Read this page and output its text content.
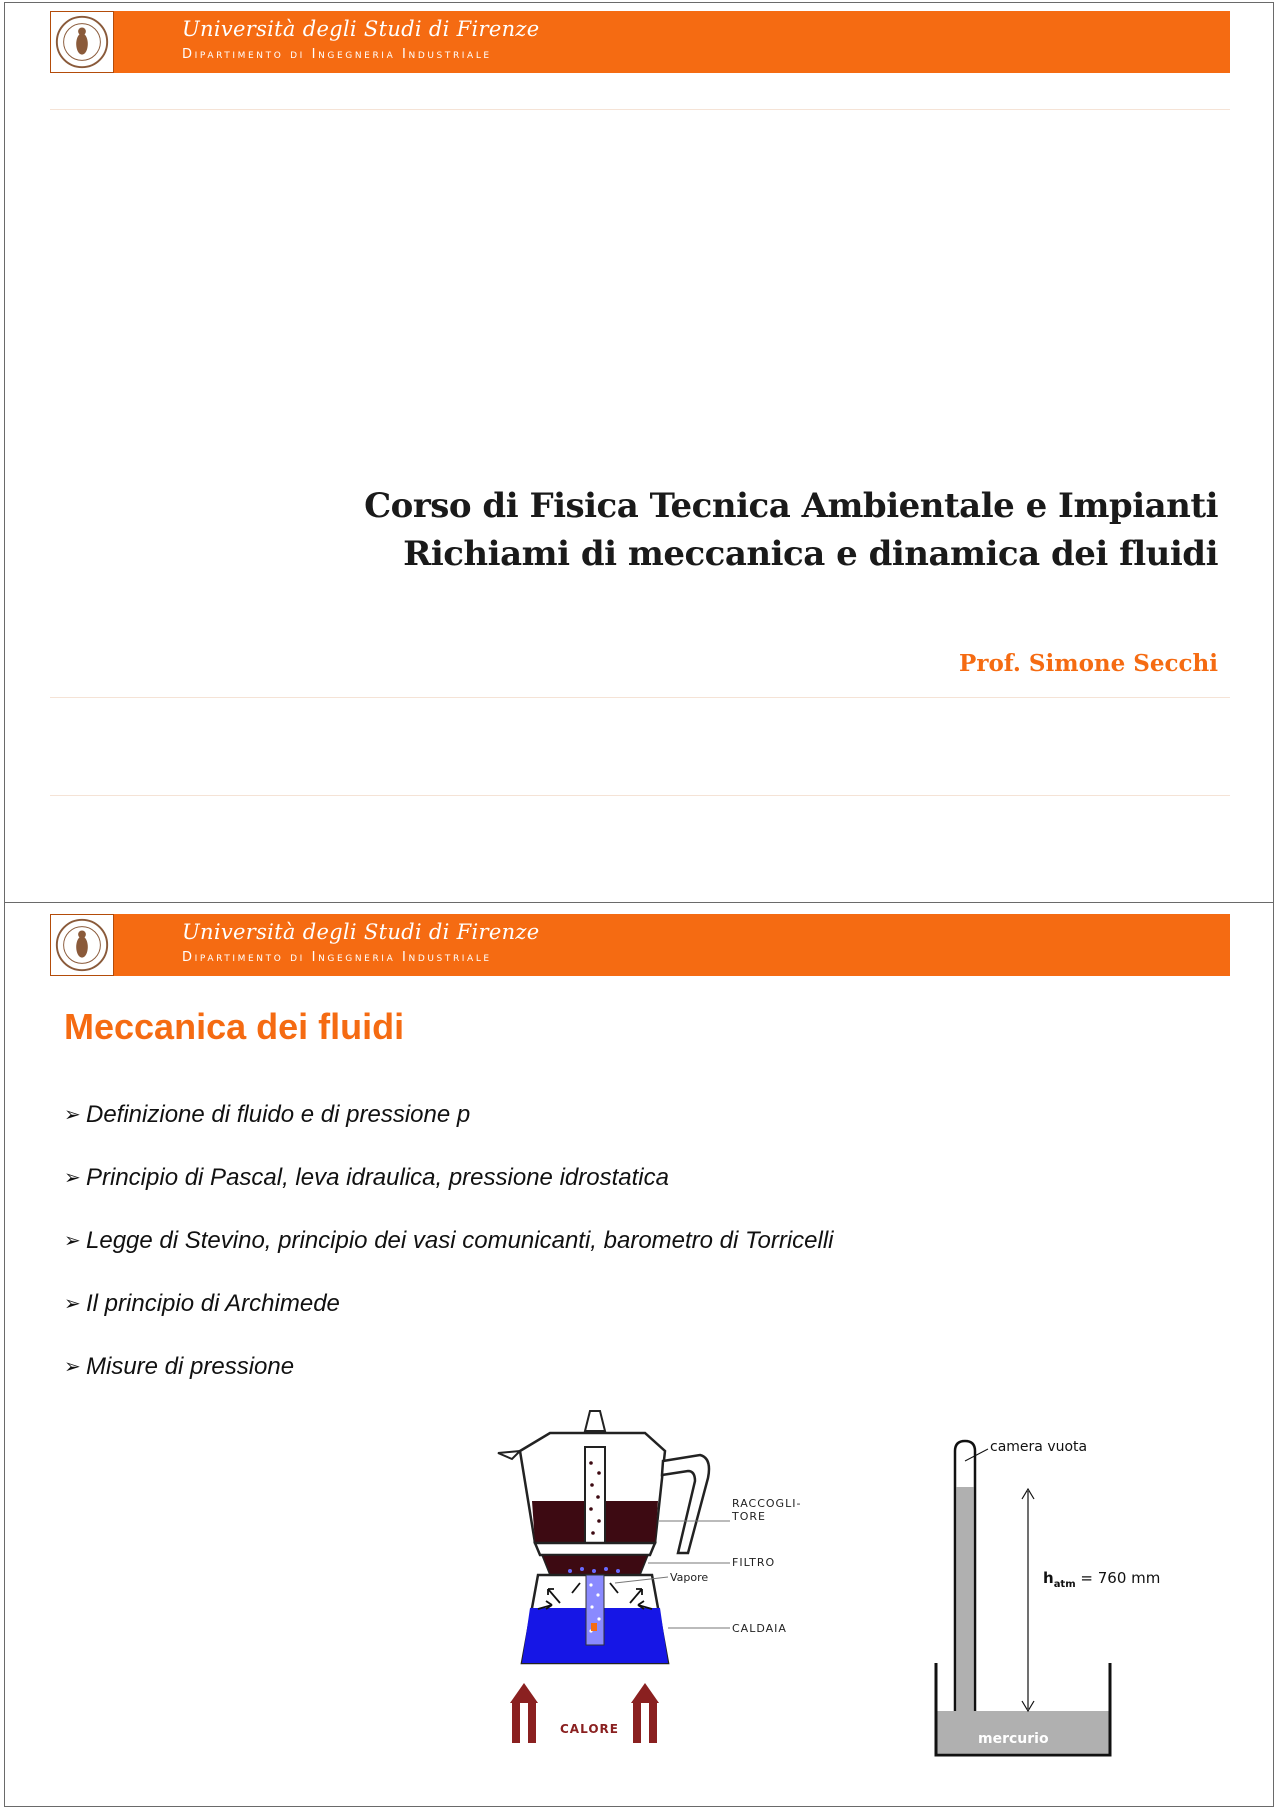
Università degli Studi di Firenze
Dipartimento di Ingegneria Industriale
Corso di Fisica Tecnica Ambientale e Impianti
Richiami di meccanica e dinamica dei fluidi
Prof. Simone Secchi
Università degli Studi di Firenze
Dipartimento di Ingegneria Industriale
Meccanica dei fluidi
➢ Definizione di fluido e di pressione p
➢ Principio di Pascal, leva idraulica, pressione idrostatica
➢ Legge di Stevino, principio dei vasi comunicanti, barometro di Torricelli
➢ Il principio di Archimede
➢ Misure di pressione
CALORE
RACCOGLI-
TORE
FILTRO
Vapore
CALDAIA
camera vuota
mercurio
$h_{atm} = 760$ mm
